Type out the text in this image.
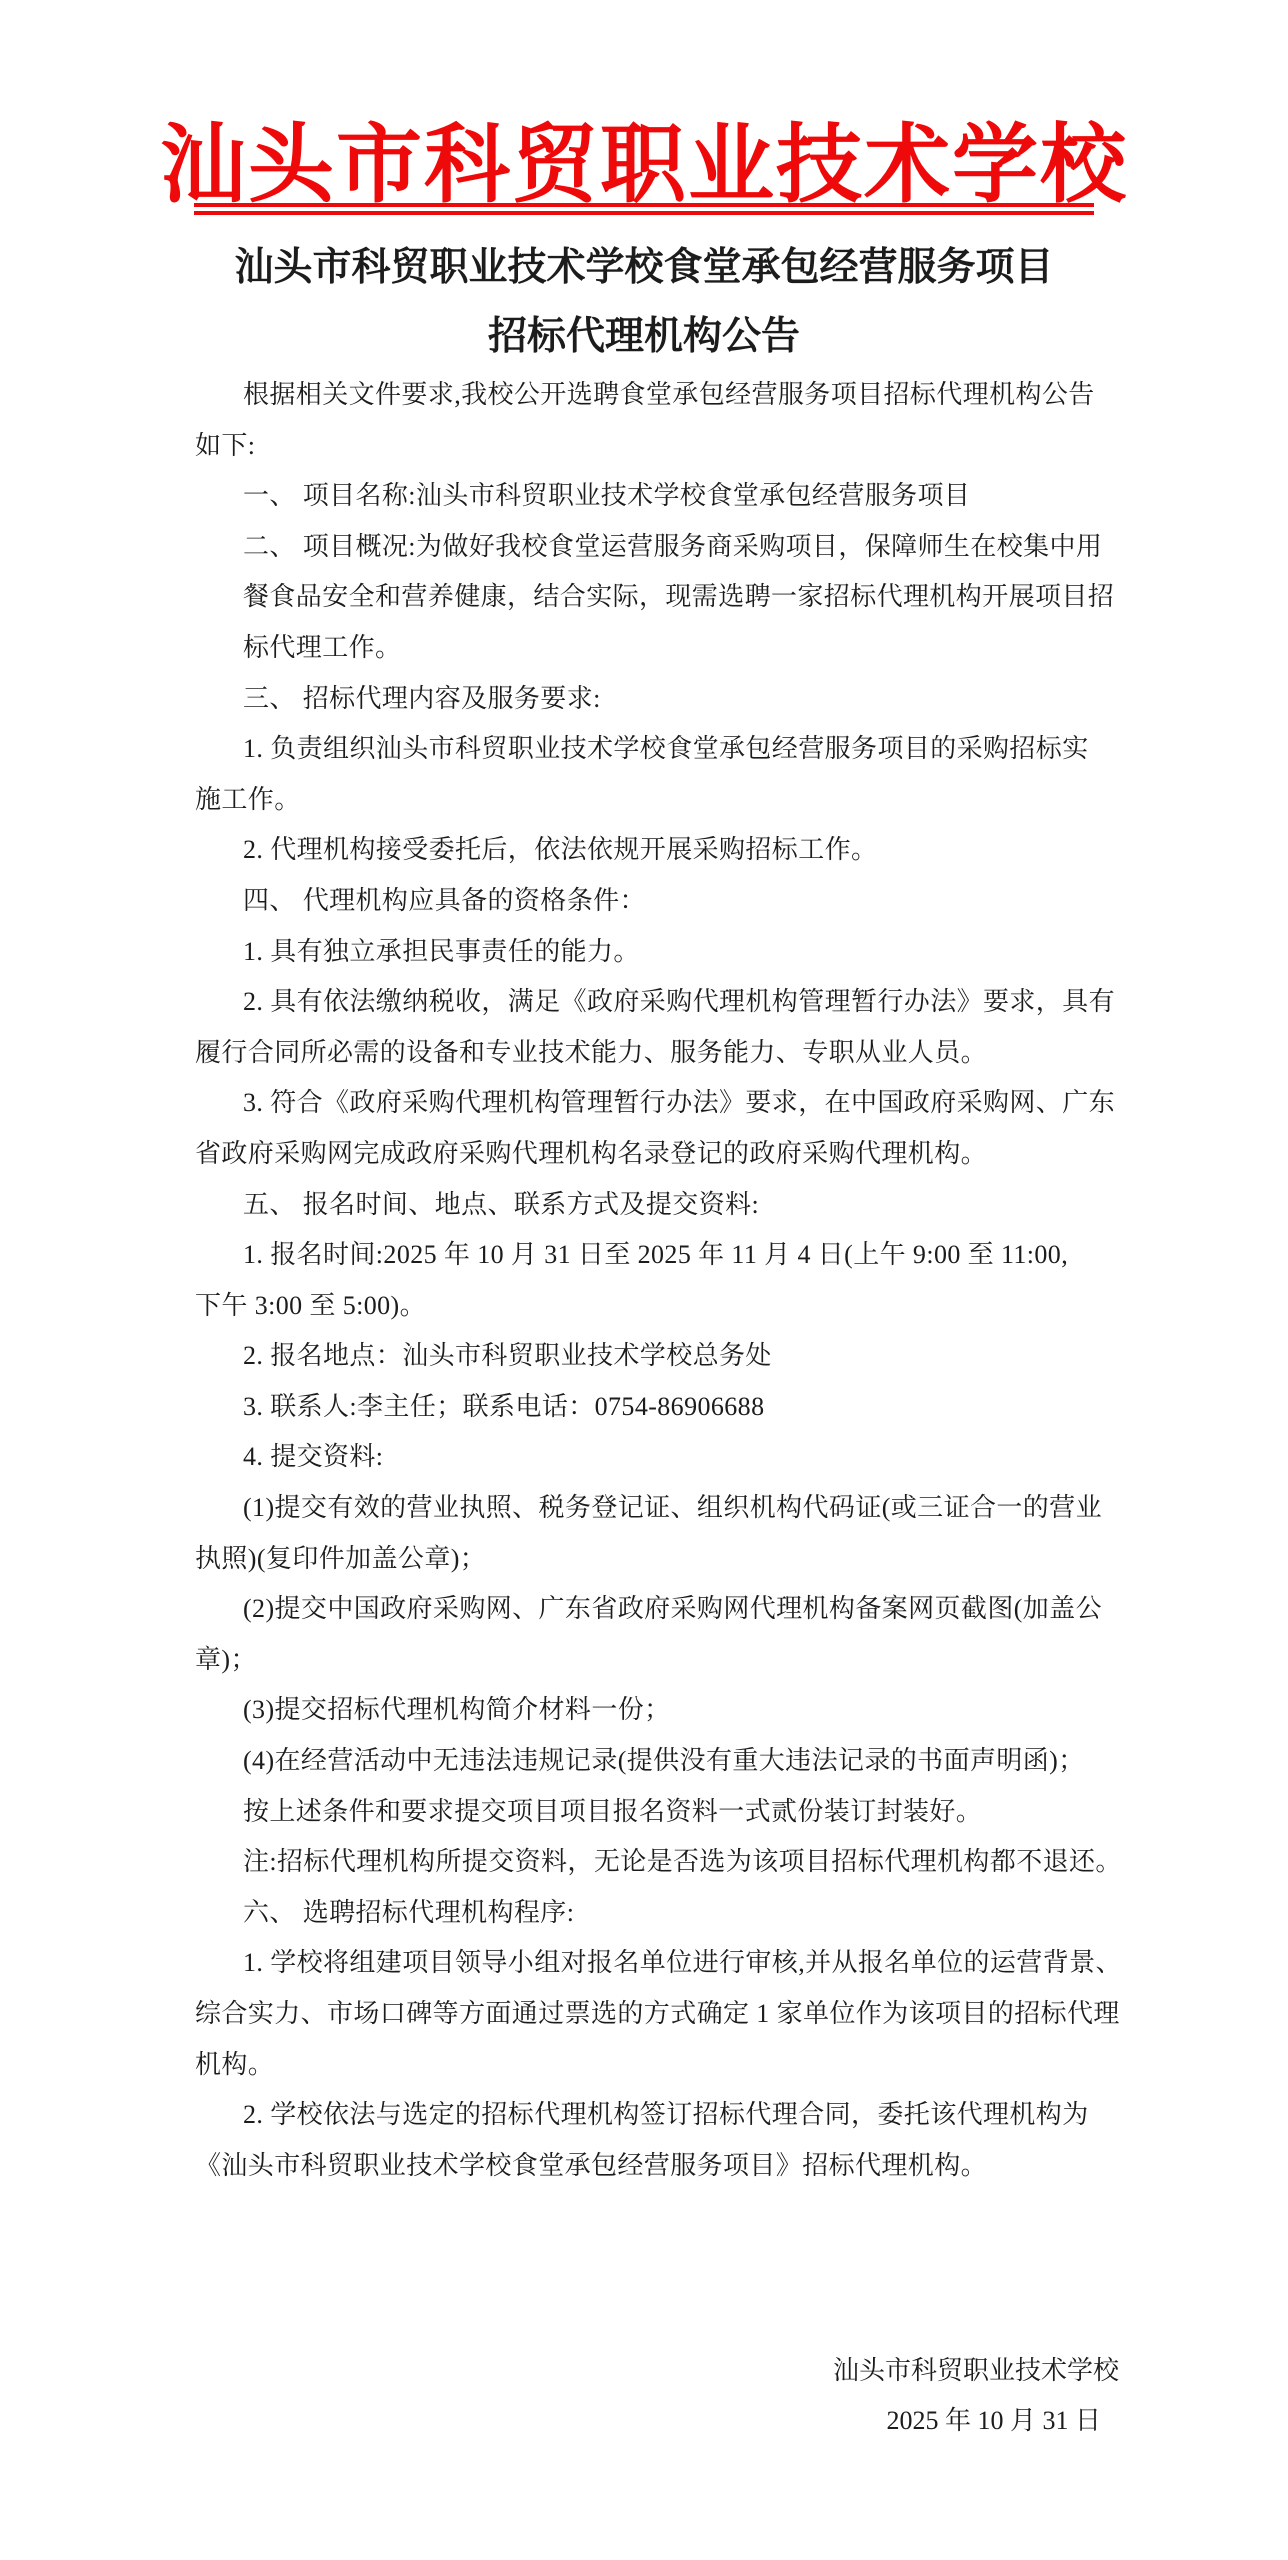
汕头市科贸职业技术学校
汕头市科贸职业技术学校食堂承包经营服务项目
招标代理机构公告
根据相关文件要求,我校公开选聘食堂承包经营服务项目招标代理机构公告
如下:
一、 项目名称:汕头市科贸职业技术学校食堂承包经营服务项目
二、 项目概况:为做好我校食堂运营服务商采购项目，保障师生在校集中用
餐食品安全和营养健康，结合实际，现需选聘一家招标代理机构开展项目招
标代理工作。
三、 招标代理内容及服务要求:
1. 负责组织汕头市科贸职业技术学校食堂承包经营服务项目的采购招标实
施工作。
2. 代理机构接受委托后，依法依规开展采购招标工作。
四、 代理机构应具备的资格条件：
1. 具有独立承担民事责任的能力。
2. 具有依法缴纳税收，满足《政府采购代理机构管理暂行办法》要求，具有
履行合同所必需的设备和专业技术能力、服务能力、专职从业人员。
3. 符合《政府采购代理机构管理暂行办法》要求，在中国政府采购网、广东
省政府采购网完成政府采购代理机构名录登记的政府采购代理机构。
五、 报名时间、地点、联系方式及提交资料:
1. 报名时间:2025 年 10 月 31 日至 2025 年 11 月 4 日(上午 9:00 至 11:00,
下午 3:00 至 5:00)。
2. 报名地点：汕头市科贸职业技术学校总务处
3. 联系人:李主任；联系电话：0754-86906688
4. 提交资料:
(1)提交有效的营业执照、税务登记证、组织机构代码证(或三证合一的营业
执照)(复印件加盖公章)；
(2)提交中国政府采购网、广东省政府采购网代理机构备案网页截图(加盖公
章)；
(3)提交招标代理机构简介材料一份；
(4)在经营活动中无违法违规记录(提供没有重大违法记录的书面声明函)；
按上述条件和要求提交项目项目报名资料一式贰份装订封装好。
注:招标代理机构所提交资料，无论是否选为该项目招标代理机构都不退还。
六、 选聘招标代理机构程序:
1. 学校将组建项目领导小组对报名单位进行审核,并从报名单位的运营背景、
综合实力、市场口碑等方面通过票选的方式确定 1 家单位作为该项目的招标代理
机构。
2. 学校依法与选定的招标代理机构签订招标代理合同，委托该代理机构为
《汕头市科贸职业技术学校食堂承包经营服务项目》招标代理机构。
汕头市科贸职业技术学校
2025 年 10 月 31 日
